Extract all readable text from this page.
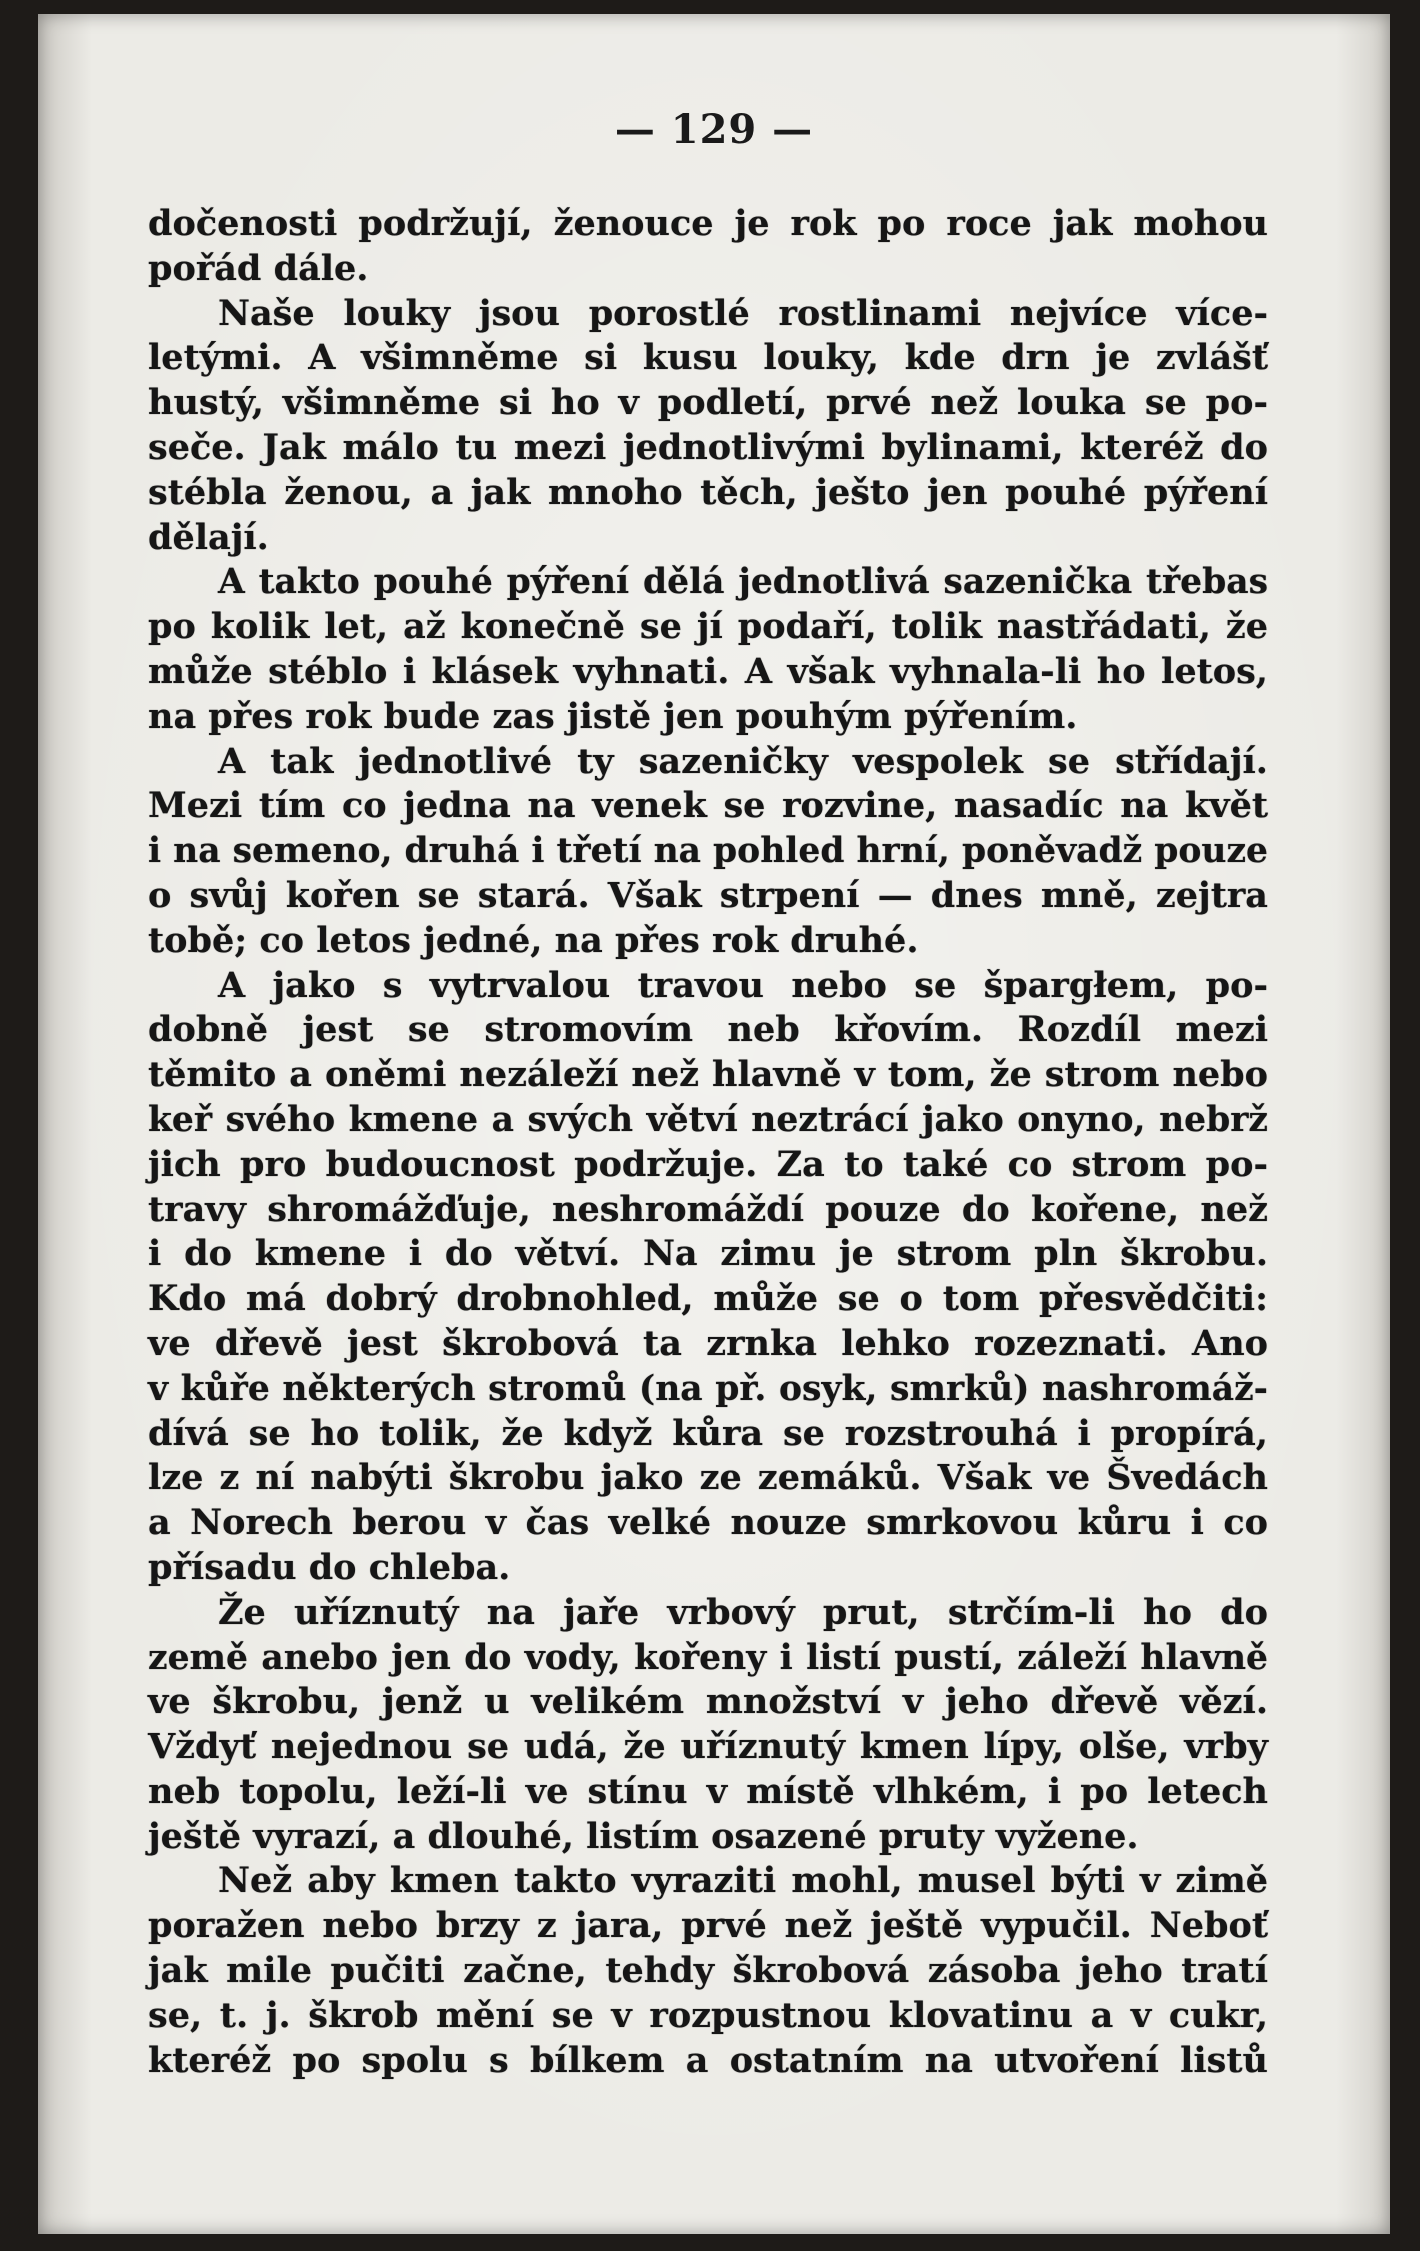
— 129 —
dočenosti podržují, ženouce je rok po roce jak mohou
pořád dále.
Naše louky jsou porostlé rostlinami nejvíce více-
letými. A všimněme si kusu louky, kde drn je zvlášť
hustý, všimněme si ho v podletí, prvé než louka se po-
seče. Jak málo tu mezi jednotlivými bylinami, kteréž do
stébla ženou, a jak mnoho těch, ješto jen pouhé pýření
dělají.
A takto pouhé pýření dělá jednotlivá sazenička třebas
po kolik let, až konečně se jí podaří, tolik nastřádati, že
může stéblo i klásek vyhnati. A však vyhnala-li ho letos,
na přes rok bude zas jistě jen pouhým pýřením.
A tak jednotlivé ty sazeničky vespolek se střídají.
Mezi tím co jedna na venek se rozvine, nasadíc na květ
i na semeno, druhá i třetí na pohled hrní, poněvadž pouze
o svůj kořen se stará. Však strpení — dnes mně, zejtra
tobě; co letos jedné, na přes rok druhé.
A jako s vytrvalou travou nebo se špargłem, po-
dobně jest se stromovím neb křovím. Rozdíl mezi
těmito a oněmi nezáleží než hlavně v tom, že strom nebo
keř svého kmene a svých větví neztrácí jako onyno, nebrž
jich pro budoucnost podržuje. Za to také co strom po-
travy shromážďuje, neshromáždí pouze do kořene, než
i do kmene i do větví. Na zimu je strom pln škrobu.
Kdo má dobrý drobnohled, může se o tom přesvědčiti:
ve dřevě jest škrobová ta zrnka lehko rozeznati. Ano
v kůře některých stromů (na př. osyk, smrků) nashromáž-
dívá se ho tolik, že když kůra se rozstrouhá i propírá,
lze z ní nabýti škrobu jako ze zemáků. Však ve Švedách
a Norech berou v čas velké nouze smrkovou kůru i co
přísadu do chleba.
Že uříznutý na jaře vrbový prut, strčím-li ho do
země anebo jen do vody, kořeny i listí pustí, záleží hlavně
ve škrobu, jenž u velikém množství v jeho dřevě vězí.
Vždyť nejednou se udá, že uříznutý kmen lípy, olše, vrby
neb topolu, leží-li ve stínu v místě vlhkém, i po letech
ještě vyrazí, a dlouhé, listím osazené pruty vyžene.
Než aby kmen takto vyraziti mohl, musel býti v zimě
poražen nebo brzy z jara, prvé než ještě vypučil. Neboť
jak mile pučiti začne, tehdy škrobová zásoba jeho tratí
se, t. j. škrob mění se v rozpustnou klovatinu a v cukr,
kteréž po spolu s bílkem a ostatním na utvoření listů
